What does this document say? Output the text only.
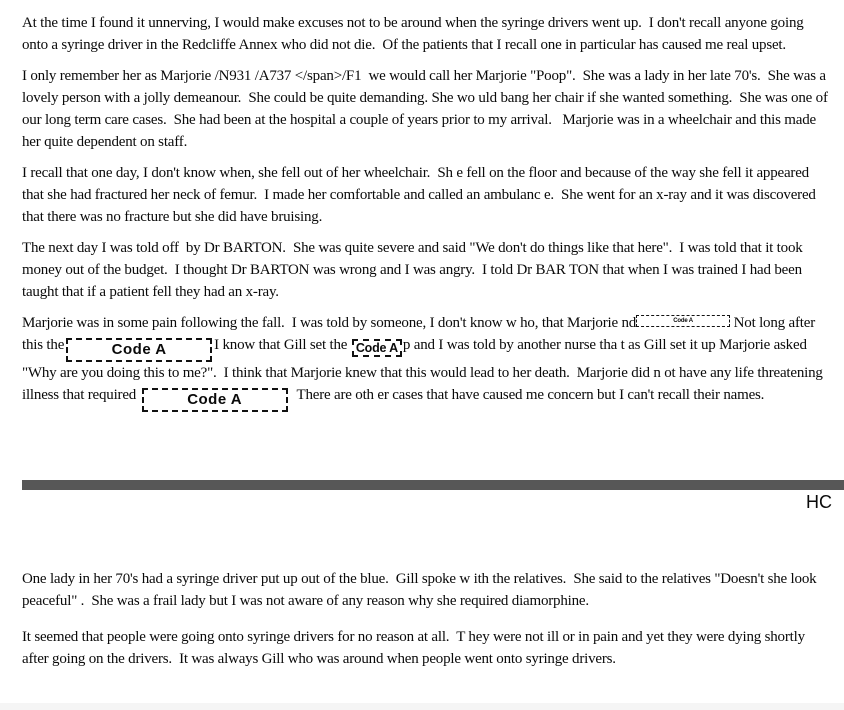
At the time I found it unnerving, I would make excuses not to be around when the syringe drivers went up.  I don't recall anyone going onto a syringe driver in the Redcliffe Annex who did not die.  Of the patients that I recall one in particular has caused me real upset.

I only remember her as Marjorie /N931 /A737 </span>/F1  we would call her Marjorie "Poop".  She was a lady in her late 70's.  She was a lovely person with a jolly demeanour.  She could be quite demanding. She wo uld bang her chair if she wanted something.  She was one of our long term care cases.  She had been at the hospital a couple of years prior to my arrival.   Marjorie was in a wheelchair and this made her quite dependent on staff.

I recall that one day, I don't know when, she fell out of her wheelchair.  Sh e fell on the floor and because of the way she fell it appeared that she had fractured her neck of femur.  I made her comfortable and called an ambulanc e.  She went for an x-ray and it was discovered that there was no fracture but she did have bruising.

The next day I was told off  by Dr BARTON.  She was quite severe and said "We don't do things like that here".  I was told that it took money out of the budget.  I thought Dr BARTON was wrong and I was angry.  I told Dr BAR TON that when I was trained I had been taught that if a patient fell they had an x-ray.

Marjorie was in some pain following the fall.  I was told by someone, I don't know w ho, that Marjorie nd	Code A Not long after this the	Code A	I know that Gill set the Code A p and I was told by another nurse tha t as Gill set it up Marjorie asked "Why are you doing this to me?".  I think that Marjorie knew that this would lead to her death.  Marjorie did n ot have any life threatening illness that required	Code A	There are oth er cases that have caused me concern but I can't recall their names.

HC

One lady in her 70's had a syringe driver put up out of the blue.  Gill spoke w ith the relatives.  She said to the relatives "Doesn't she look peaceful" .  She was a frail lady but I was not aware of any reason why she required diamorphine.

It seemed that people were going onto syringe drivers for no reason at all.  T hey were not ill or in pain and yet they were dying shortly after going on the drivers.  It was always Gill who was around when people went onto syringe drivers.
